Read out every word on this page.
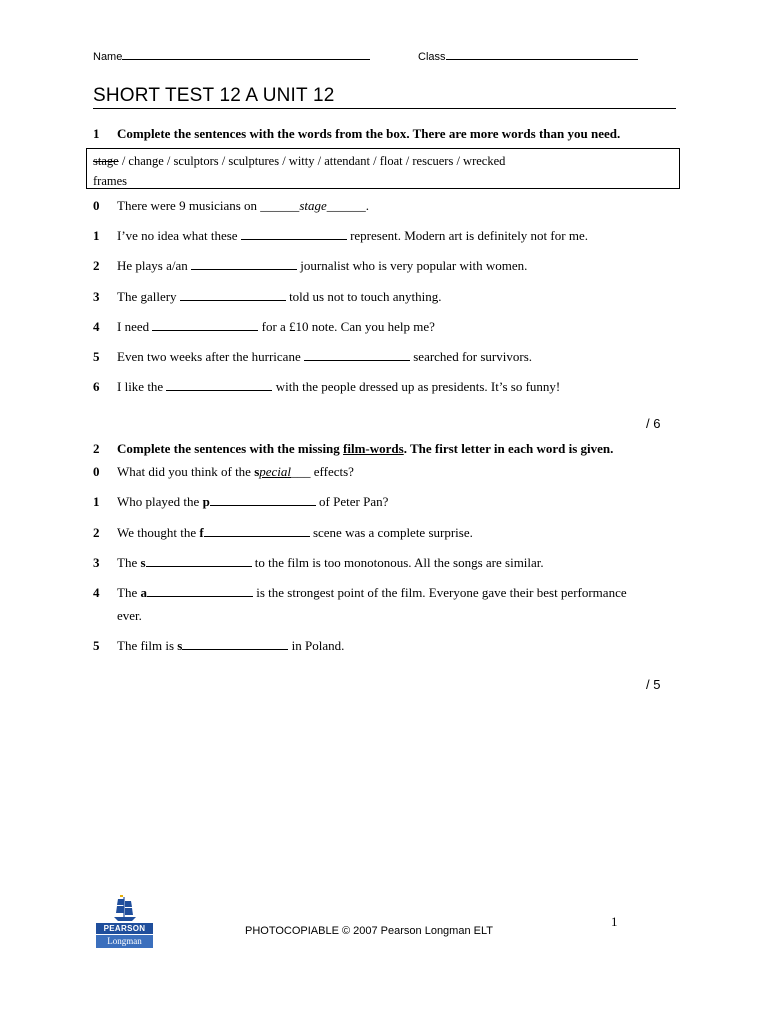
Name	Class
SHORT TEST 12 A UNIT 12
1 Complete the sentences with the words from the box. There are more words than you need.
stage / change / sculptors / sculptures / witty / attendant / float / rescuers / wrecked
frames
0 There were 9 musicians on ______stage______.
1 I’ve no idea what these	represent. Modern art is definitely not for me.
2 He plays a/an	journalist who is very popular with women.
3 The gallery	told us not to touch anything.
4 I need	for a £10 note. Can you help me?
5 Even two weeks after the hurricane	searched for survivors.
6 I like the	with the people dressed up as presidents. It’s so funny!
/ 6
2 Complete the sentences with the missing film-words. The first letter in each word is given.
0 What did you think of the special___ effects?
1 Who played the p	of Peter Pan?
2 We thought the f	scene was a complete surprise.
3 The s	to the film is too monotonous. All the songs are similar.
4 The a	is the strongest point of the film. Everyone gave their best performance
ever.
5 The film is s	in Poland.
/ 5
PEARSON
Longman
PHOTOCOPIABLE © 2007 Pearson Longman ELT
1
